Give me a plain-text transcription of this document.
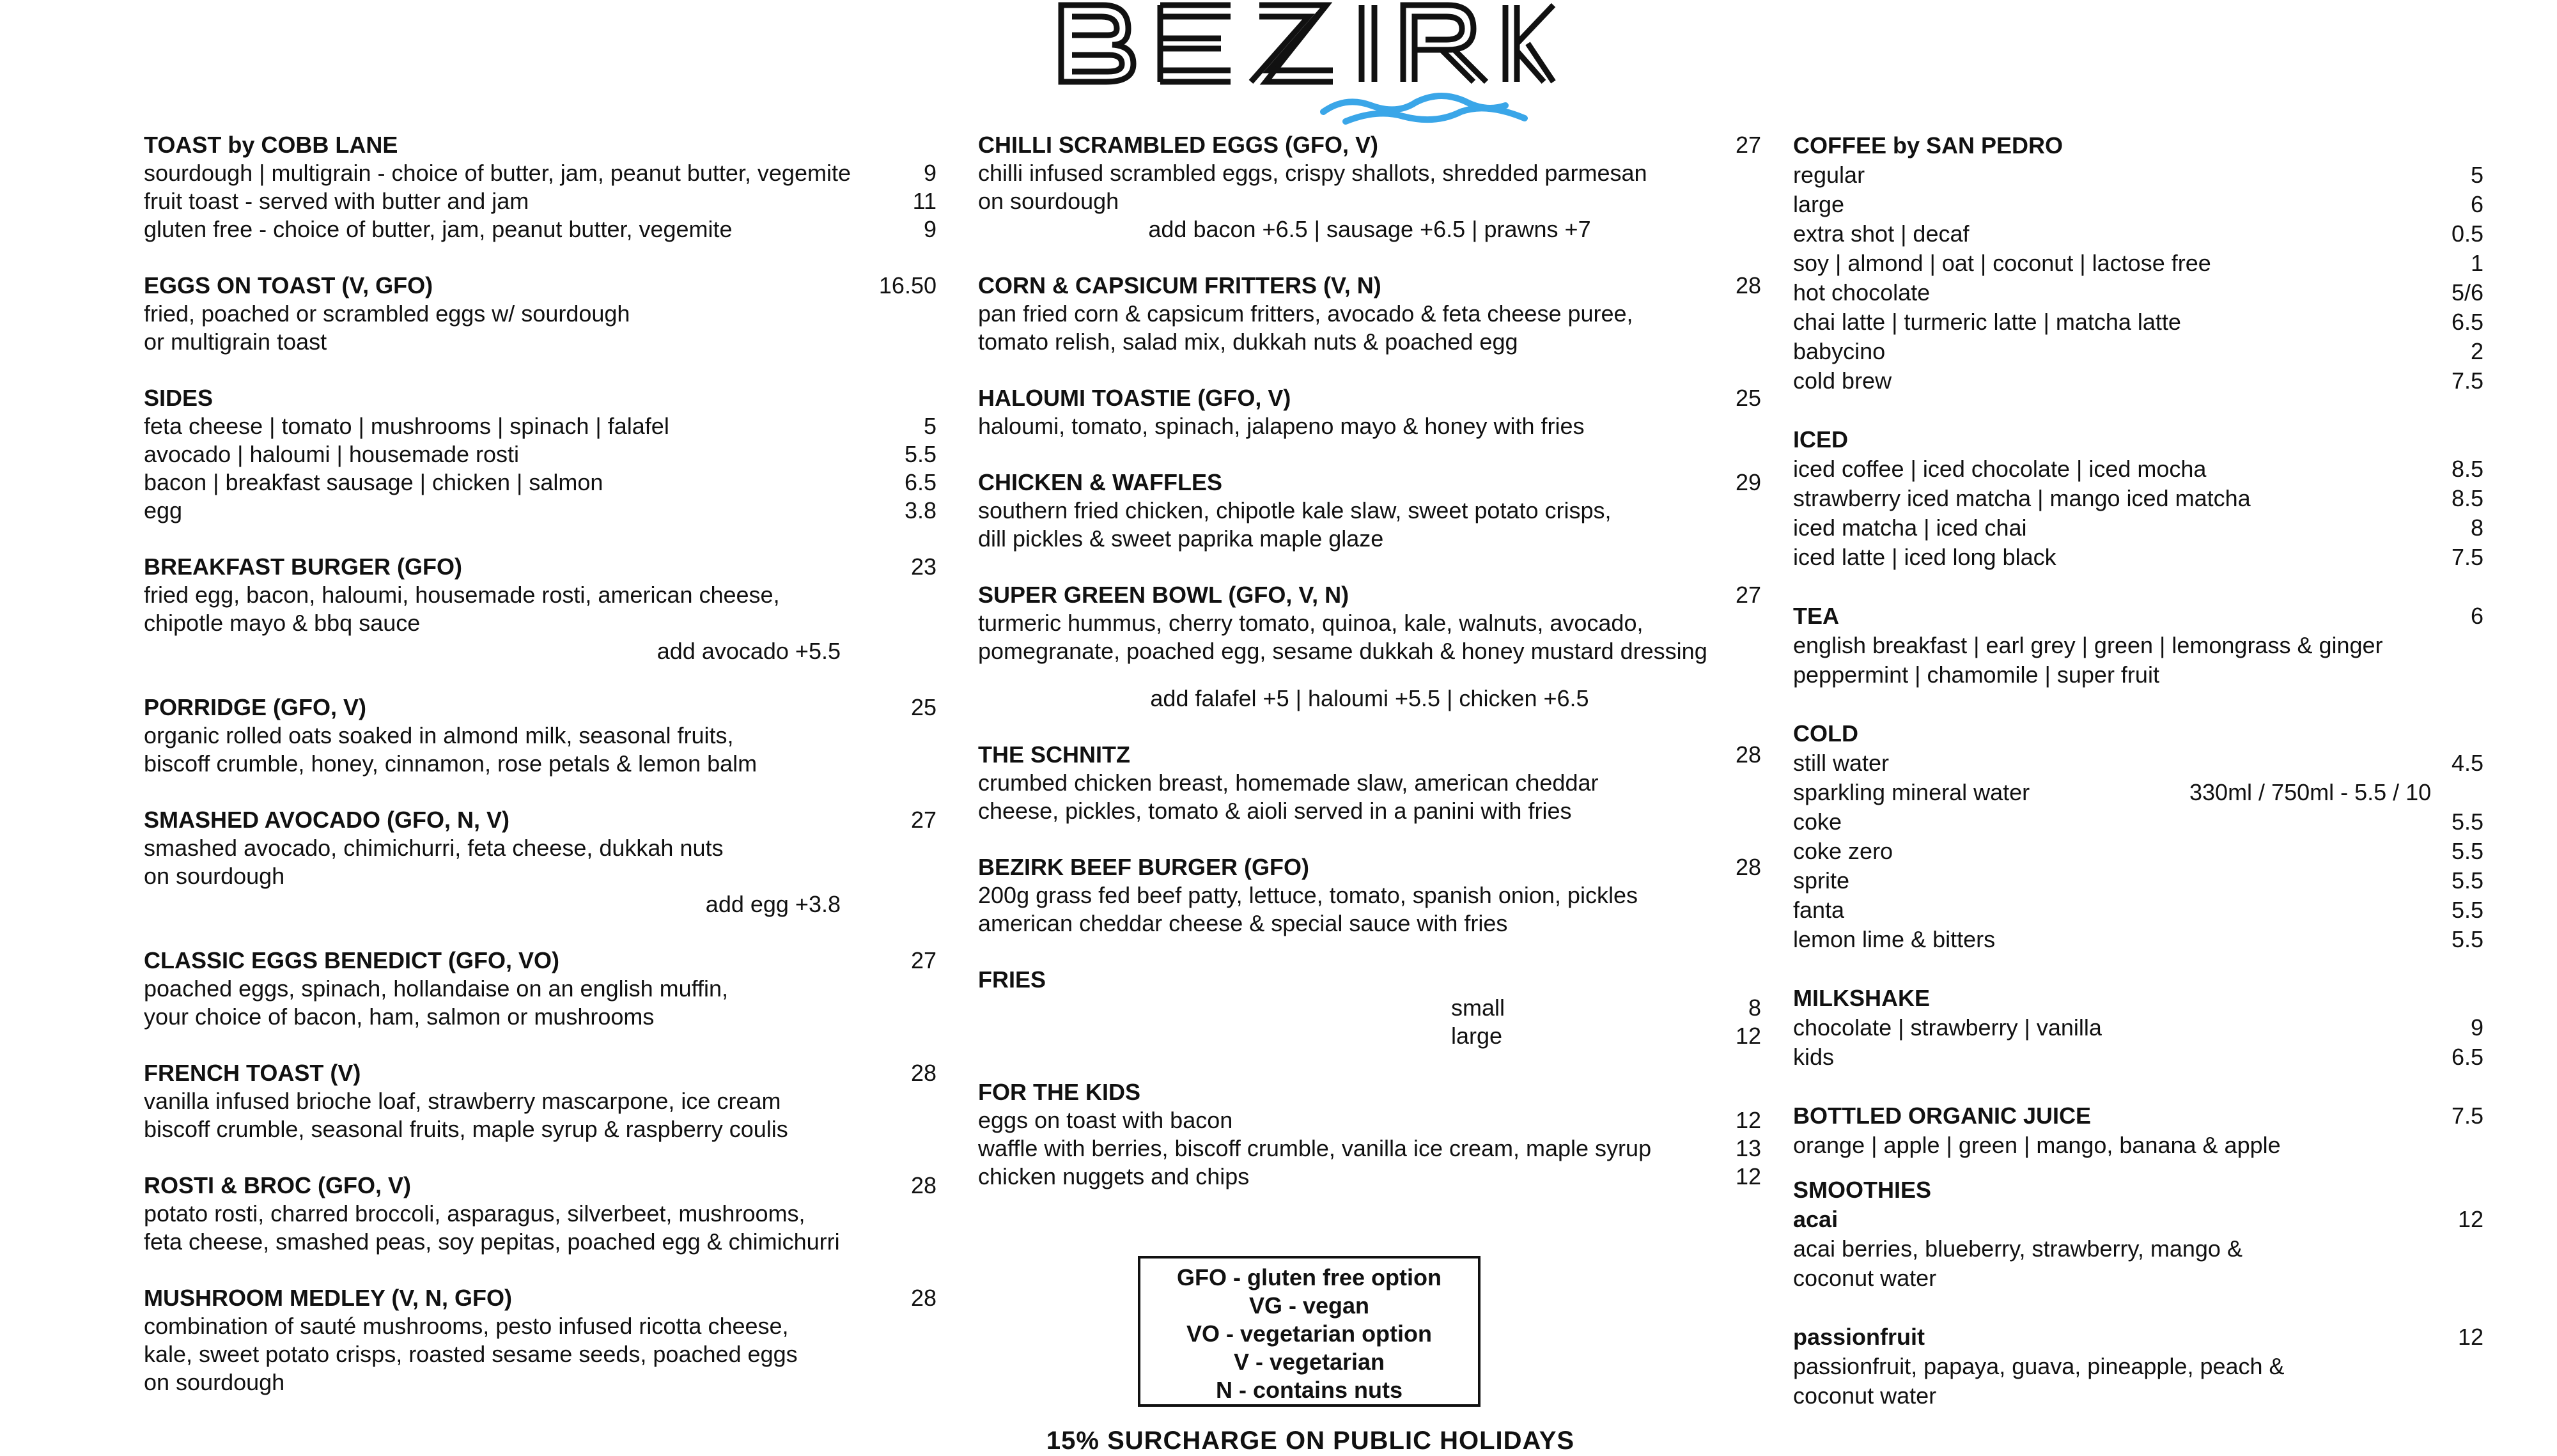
TOAST by COBB LANE
sourdough | multigrain - choice of butter, jam, peanut butter, vegemite	9
fruit toast - served with butter and jam	11
gluten free - choice of butter, jam, peanut butter, vegemite	9
EGGS ON TOAST (V, GFO)	16.50
fried, poached or scrambled eggs w/ sourdough
or multigrain toast
SIDES
feta cheese | tomato | mushrooms | spinach | falafel	5
avocado | haloumi | housemade rosti	5.5
bacon | breakfast sausage | chicken | salmon	6.5
egg	3.8
BREAKFAST BURGER (GFO)	23
fried egg, bacon, haloumi, housemade rosti, american cheese,
chipotle mayo & bbq sauce
add avocado +5.5
PORRIDGE (GFO, V)	25
organic rolled oats soaked in almond milk, seasonal fruits,
biscoff crumble, honey, cinnamon, rose petals & lemon balm
SMASHED AVOCADO (GFO, N, V)	27
smashed avocado, chimichurri, feta cheese, dukkah nuts
on sourdough
add egg +3.8
CLASSIC EGGS BENEDICT (GFO, VO)	27
poached eggs, spinach, hollandaise on an english muffin,
your choice of bacon, ham, salmon or mushrooms
FRENCH TOAST (V)	28
vanilla infused brioche loaf, strawberry mascarpone, ice cream
biscoff crumble, seasonal fruits, maple syrup & raspberry coulis
ROSTI & BROC (GFO, V)	28
potato rosti, charred broccoli, asparagus, silverbeet, mushrooms,
feta cheese, smashed peas, soy pepitas, poached egg & chimichurri
MUSHROOM MEDLEY (V, N, GFO)	28
combination of sauté mushrooms, pesto infused ricotta cheese,
kale, sweet potato crisps, roasted sesame seeds, poached eggs
on sourdough
CHILLI SCRAMBLED EGGS (GFO, V)	27
chilli infused scrambled eggs, crispy shallots, shredded parmesan
on sourdough
add bacon +6.5 | sausage +6.5 | prawns +7
CORN & CAPSICUM FRITTERS (V, N)	28
pan fried corn & capsicum fritters, avocado & feta cheese puree,
tomato relish, salad mix, dukkah nuts & poached egg
HALOUMI TOASTIE (GFO, V)	25
haloumi, tomato, spinach, jalapeno mayo & honey with fries
CHICKEN & WAFFLES	29
southern fried chicken, chipotle kale slaw, sweet potato crisps,
dill pickles & sweet paprika maple glaze
SUPER GREEN BOWL (GFO, V, N)	27
turmeric hummus, cherry tomato, quinoa, kale, walnuts, avocado,
pomegranate, poached egg, sesame dukkah & honey mustard dressing
add falafel +5 | haloumi +5.5 | chicken +6.5
THE SCHNITZ	28
crumbed chicken breast, homemade slaw, american cheddar
cheese, pickles, tomato & aioli served in a panini with fries
BEZIRK BEEF BURGER (GFO)	28
200g grass fed beef patty, lettuce, tomato, spanish onion, pickles
american cheddar cheese & special sauce with fries
FRIES
small	8
large	12
FOR THE KIDS
eggs on toast with bacon	12
waffle with berries, biscoff crumble, vanilla ice cream, maple syrup	13
chicken nuggets and chips	12
GFO - gluten free option
VG - vegan
VO - vegetarian option
V - vegetarian
N - contains nuts
15% SURCHARGE ON PUBLIC HOLIDAYS
COFFEE by SAN PEDRO
regular	5
large	6
extra shot | decaf	0.5
soy | almond | oat | coconut | lactose free	1
hot chocolate	5/6
chai latte | turmeric latte | matcha latte	6.5
babycino	2
cold brew	7.5
ICED
iced coffee | iced chocolate | iced mocha	8.5
strawberry iced matcha | mango iced matcha	8.5
iced matcha | iced chai	8
iced latte | iced long black	7.5
TEA	6
english breakfast | earl grey | green | lemongrass & ginger
peppermint | chamomile | super fruit
COLD
still water	4.5
sparkling mineral water	330ml / 750ml - 5.5 / 10
coke	5.5
coke zero	5.5
sprite	5.5
fanta	5.5
lemon lime & bitters	5.5
MILKSHAKE
chocolate | strawberry | vanilla	9
kids	6.5
BOTTLED ORGANIC JUICE	7.5
orange | apple | green | mango, banana & apple
SMOOTHIES
acai	12
acai berries, blueberry, strawberry, mango &
coconut water
passionfruit	12
passionfruit, papaya, guava, pineapple, peach &
coconut water
